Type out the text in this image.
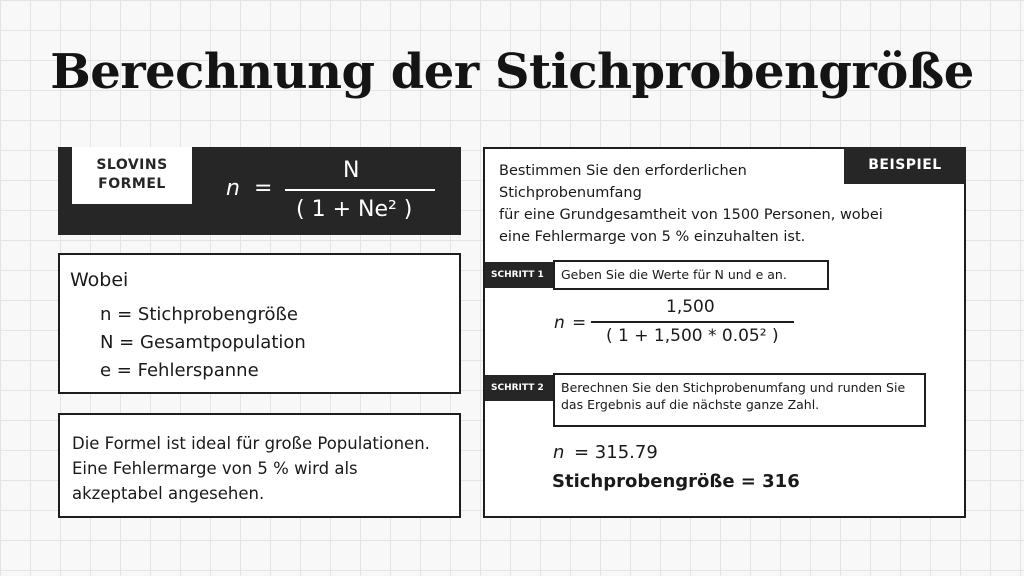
Berechnung der Stichprobengröße
SLOVINS
FORMEL	n =
N
( 1 + Ne² )
Wobei
n = Stichprobengröße
N = Gesamtpopulation
e = Fehlerspanne
Die Formel ist ideal für große Populationen. Eine Fehlermarge von 5 % wird als akzeptabel angesehen.
BEISPIEL
Bestimmen Sie den erforderlichen
Stichprobenumfang
für eine Grundgesamtheit von 1500 Personen, wobei
eine Fehlermarge von 5 % einzuhalten ist.
SCHRITT 1	Geben Sie die Werte für N und e an.
n =
1,500
( 1 + 1,500 * 0.05² )
SCHRITT 2	Berechnen Sie den Stichprobenumfang und runden Sie das Ergebnis auf die nächste ganze Zahl.
n = 315.79
Stichprobengröße = 316
